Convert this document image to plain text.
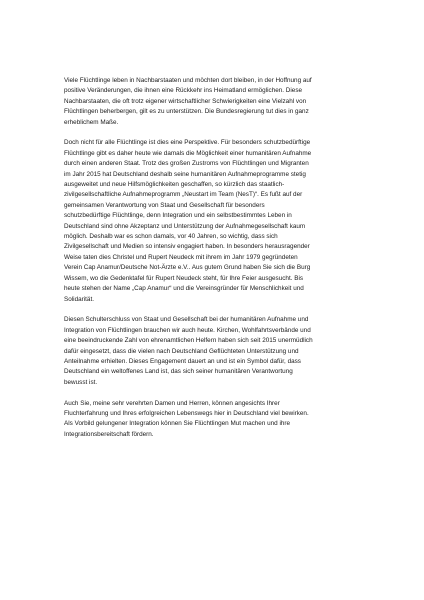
Viele Flüchtlinge leben in Nachbarstaaten und möchten dort bleiben, in der Hoffnung auf
positive Veränderungen, die ihnen eine Rückkehr ins Heimatland ermöglichen. Diese
Nachbarstaaten, die oft trotz eigener wirtschaftlicher Schwierigkeiten eine Vielzahl von
Flüchtlingen beherbergen, gilt es zu unterstützen. Die Bundesregierung tut dies in ganz
erheblichem Maße.
Doch nicht für alle Flüchtlinge ist dies eine Perspektive. Für besonders schutzbedürftige
Flüchtlinge gibt es daher heute wie damals die Möglichkeit einer humanitären Aufnahme
durch einen anderen Staat. Trotz des großen Zustroms von Flüchtlingen und Migranten
im Jahr 2015 hat Deutschland deshalb seine humanitären Aufnahmeprogramme stetig
ausgeweitet und neue Hilfsmöglichkeiten geschaffen, so kürzlich das staatlich-
zivilgesellschaftliche Aufnahmeprogramm „Neustart im Team (NesT)“. Es fußt auf der
gemeinsamen Verantwortung von Staat und Gesellschaft für besonders
schutzbedürftige Flüchtlinge, denn Integration und ein selbstbestimmtes Leben in
Deutschland sind ohne Akzeptanz und Unterstützung der Aufnahmegesellschaft kaum
möglich. Deshalb war es schon damals, vor 40 Jahren, so wichtig, dass sich
Zivilgesellschaft und Medien so intensiv engagiert haben. In besonders herausragender
Weise taten dies Christel und Rupert Neudeck mit ihrem im Jahr 1979 gegründeten
Verein Cap Anamur/Deutsche Not-Ärzte e.V.. Aus gutem Grund haben Sie sich die Burg
Wissem, wo die Gedenktafel für Rupert Neudeck steht, für Ihre Feier ausgesucht. Bis
heute stehen der Name „Cap Anamur“ und die Vereinsgründer für Menschlichkeit und
Solidarität.
Diesen Schulterschluss von Staat und Gesellschaft bei der humanitären Aufnahme und
Integration von Flüchtlingen brauchen wir auch heute. Kirchen, Wohlfahrtsverbände und
eine beeindruckende Zahl von ehrenamtlichen Helfern haben sich seit 2015 unermüdlich
dafür eingesetzt, dass die vielen nach Deutschland Geflüchteten Unterstützung und
Anteilnahme erhielten. Dieses Engagement dauert an und ist ein Symbol dafür, dass
Deutschland ein weltoffenes Land ist, das sich seiner humanitären Verantwortung
bewusst ist.
Auch Sie, meine sehr verehrten Damen und Herren, können angesichts Ihrer
Fluchterfahrung und Ihres erfolgreichen Lebenswegs hier in Deutschland viel bewirken.
Als Vorbild gelungener Integration können Sie Flüchtlingen Mut machen und ihre
Integrationsbereitschaft fördern.
